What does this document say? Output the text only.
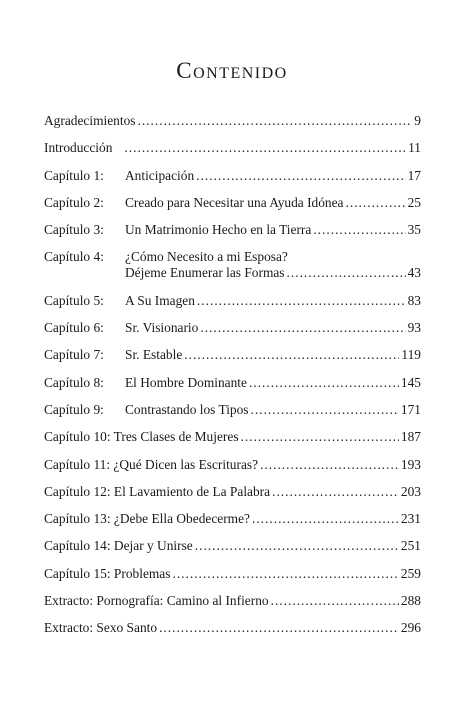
Contenido
Agradecimientos .....	9
Introducción .....	11
Capítulo 1:	Anticipación .....	17
Capítulo 2:	Creado para Necesitar una Ayuda Idónea .....	25
Capítulo 3:	Un Matrimonio Hecho en la Tierra .....	35
Capítulo 4:	¿Cómo Necesito a mi Esposa?
Déjeme Enumerar las Formas .....	43
Capítulo 5:	A Su Imagen .....	83
Capítulo 6:	Sr. Visionario .....	93
Capítulo 7:	Sr. Estable .....	119
Capítulo 8:	El Hombre Dominante .....	145
Capítulo 9:	Contrastando los Tipos .....	171
Capítulo 10: Tres Clases de Mujeres .....	187
Capítulo 11: ¿Qué Dicen las Escrituras? .....	193
Capítulo 12: El Lavamiento de La Palabra .....	203
Capítulo 13: ¿Debe Ella Obedecerme? .....	231
Capítulo 14: Dejar y Unirse .....	251
Capítulo 15: Problemas .....	259
Extracto: Pornografía: Camino al Infierno .....	288
Extracto: Sexo Santo .....	296
